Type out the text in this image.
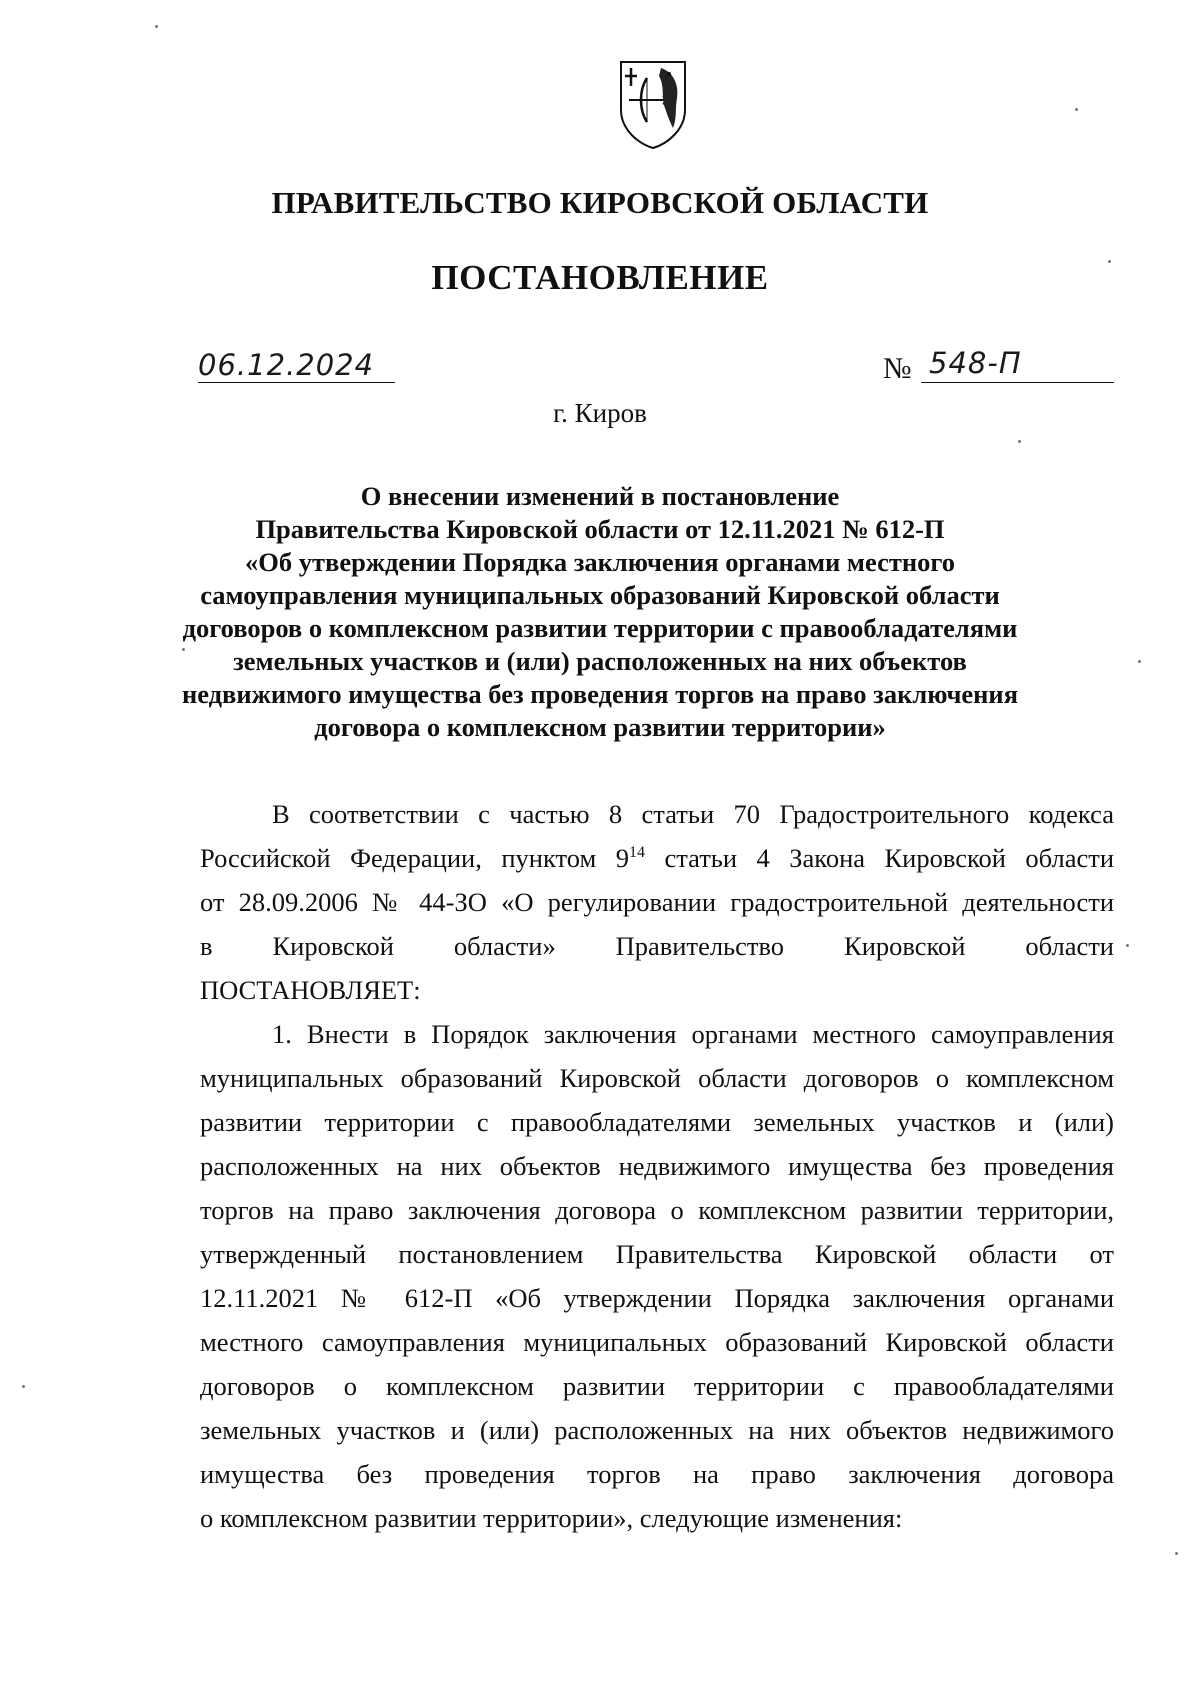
ПРАВИТЕЛЬСТВО КИРОВСКОЙ ОБЛАСТИ
ПОСТАНОВЛЕНИЕ
06.12.2024	№ 548-П
г. Киров
О внесении изменений в постановление
Правительства Кировской области от 12.11.2021 № 612-П
«Об утверждении Порядка заключения органами местного
самоуправления муниципальных образований Кировской области
договоров о комплексном развитии территории с правообладателями
земельных участков и (или) расположенных на них объектов
недвижимого имущества без проведения торгов на право заключения
договора о комплексном развитии территории»
В соответствии с частью 8 статьи 70 Градостроительного кодекса
Российской Федерации, пунктом $9^{14}$ статьи 4 Закона Кировской области
от 28.09.2006 № 44-ЗО «О регулировании градостроительной деятельности
в Кировской области» Правительство Кировской области
ПОСТАНОВЛЯЕТ:
1. Внести в Порядок заключения органами местного самоуправления
муниципальных образований Кировской области договоров о комплексном
развитии территории с правообладателями земельных участков и (или)
расположенных на них объектов недвижимого имущества без проведения
торгов на право заключения договора о комплексном развитии территории,
утвержденный постановлением Правительства Кировской области от
12.11.2021 № 612-П «Об утверждении Порядка заключения органами
местного самоуправления муниципальных образований Кировской области
договоров о комплексном развитии территории с правообладателями
земельных участков и (или) расположенных на них объектов недвижимого
имущества без проведения торгов на право заключения договора
о комплексном развитии территории», следующие изменения:
